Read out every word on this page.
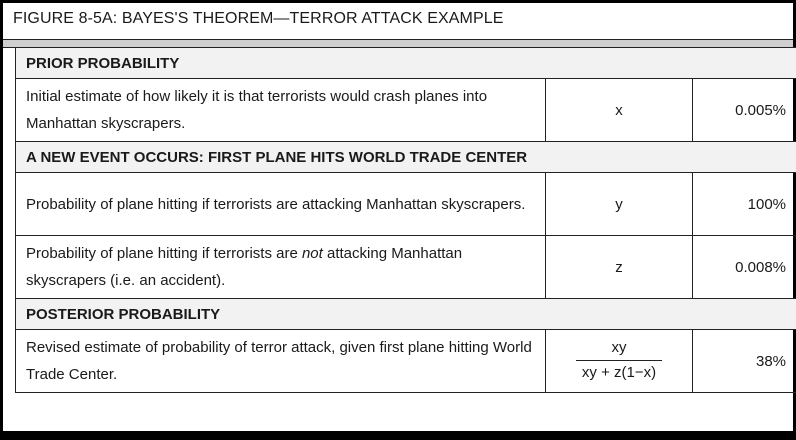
FIGURE 8-5A: BAYES'S THEOREM—TERROR ATTACK EXAMPLE
PRIOR PROBABILITY		
Initial estimate of how likely it is that terrorists would crash planes into Manhattan skyscrapers.	x	0.005%
A NEW EVENT OCCURS: FIRST PLANE HITS WORLD TRADE CENTER		
Probability of plane hitting if terrorists are attacking Manhattan skyscrapers.	y	100%
Probability of plane hitting if terrorists are not attacking Manhattan skyscrapers (i.e. an accident).	z	0.008%
POSTERIOR PROBABILITY		
Revised estimate of probability of terror attack, given first plane hitting World Trade Center.	$\frac{xy}{xy + z(1-x)}$	38%
